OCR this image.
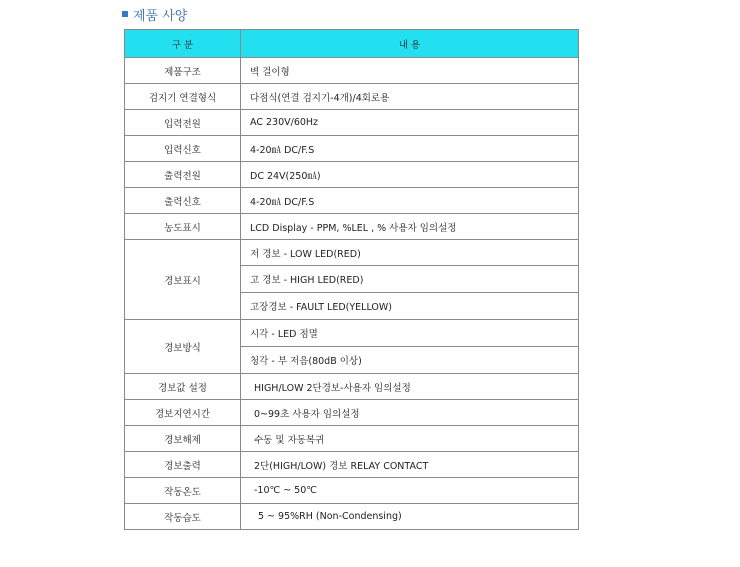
제품 사양
구 분	내 용
제품구조	벽 걸이형
검지기 연결형식	다점식(연결 검지기-4개)/4회로용
입력전원	AC 230V/60Hz
입력신호	4-20㎃ DC/F.S
출력전원	DC 24V(250㎃)
출력신호	4-20㎃ DC/F.S
농도표시	LCD Display - PPM, %LEL , % 사용자 임의설정
경보표시	저 경보 - LOW LED(RED)
	고 경보 - HIGH LED(RED)
	고장경보 - FAULT LED(YELLOW)
경보방식	시각 - LED 점멸
	청각 - 부 저음(80dB 이상)
경보값 설정	HIGH/LOW 2단경보-사용자 임의설정
경보지연시간	0~99초 사용자 임의설정
경보해제	수동 및 자동복귀
경보출력	2단(HIGH/LOW) 경보 RELAY CONTACT
작동온도	-10℃ ~ 50℃
작동습도	5 ~ 95%RH (Non-Condensing)
